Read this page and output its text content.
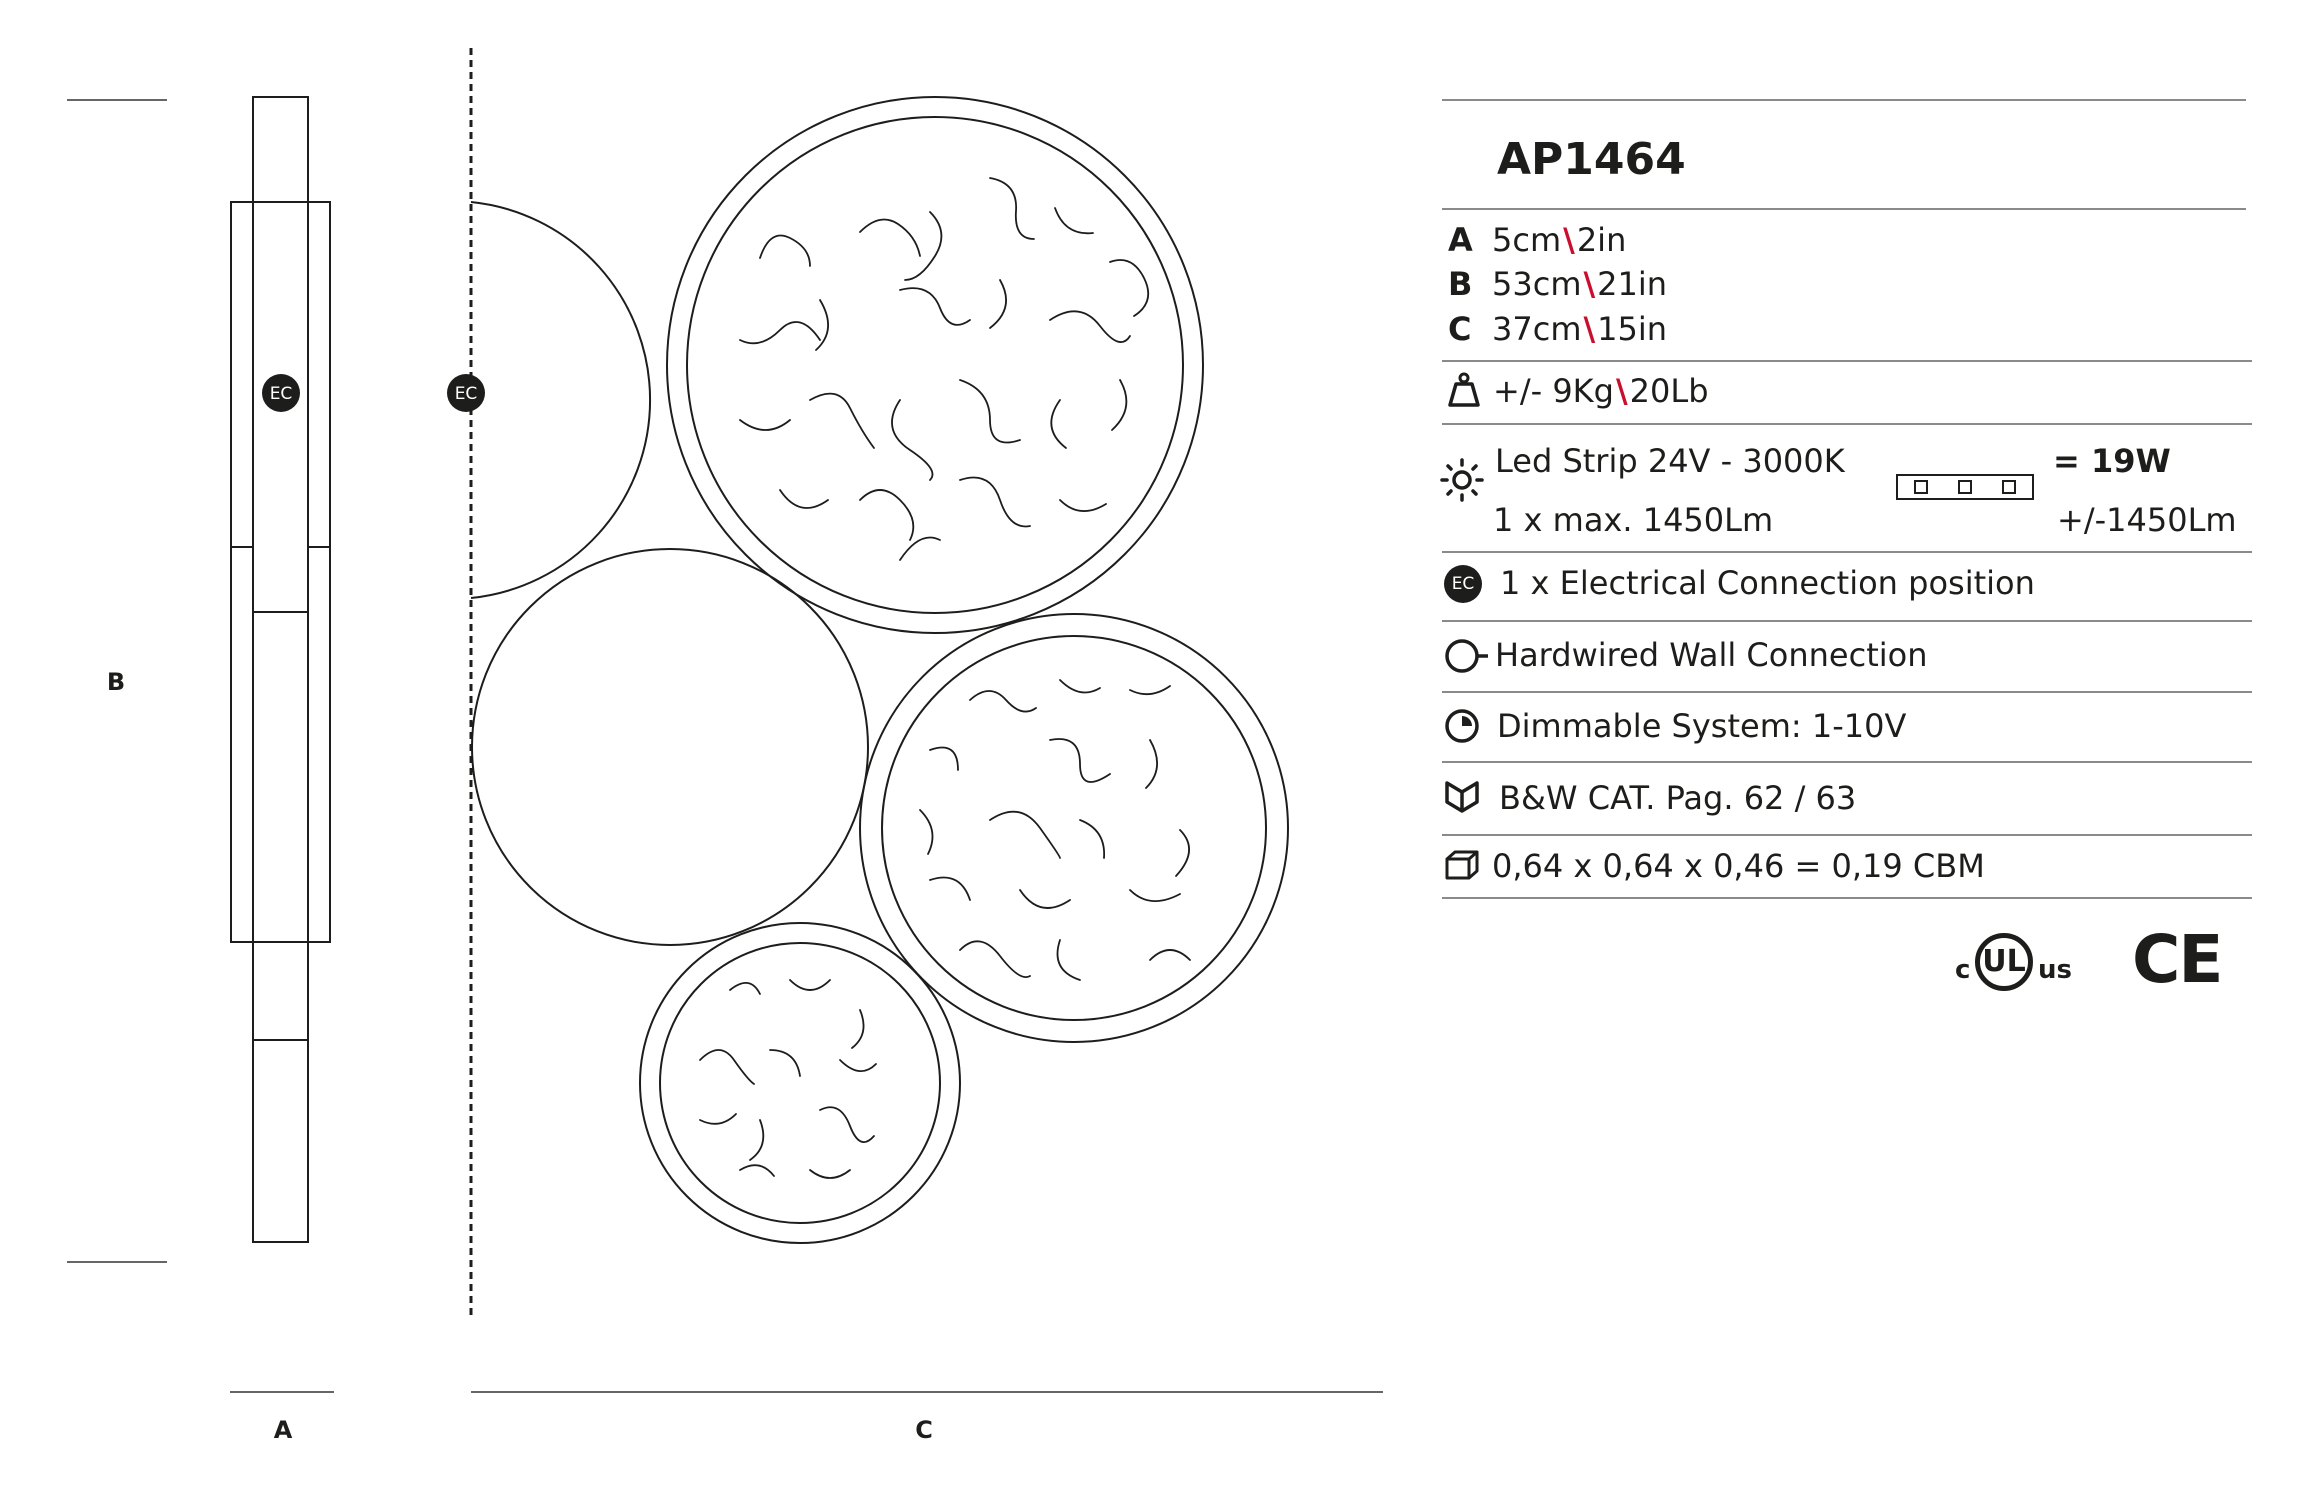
EC	EC
B
A	C
AP1464
A 5cm\2in
B 53cm\21in
C 37cm\15in
+/- 9Kg\20Lb
Led Strip 24V - 3000K
1 x max. 1450Lm
= 19W
+/-1450Lm
EC 1 x Electrical Connection position
Hardwired Wall Connection
Dimmable System: 1-10V
B&W CAT. Pag. 62 / 63
0,64 x 0,64 x 0,46 = 0,19 CBM
c UL us CE
